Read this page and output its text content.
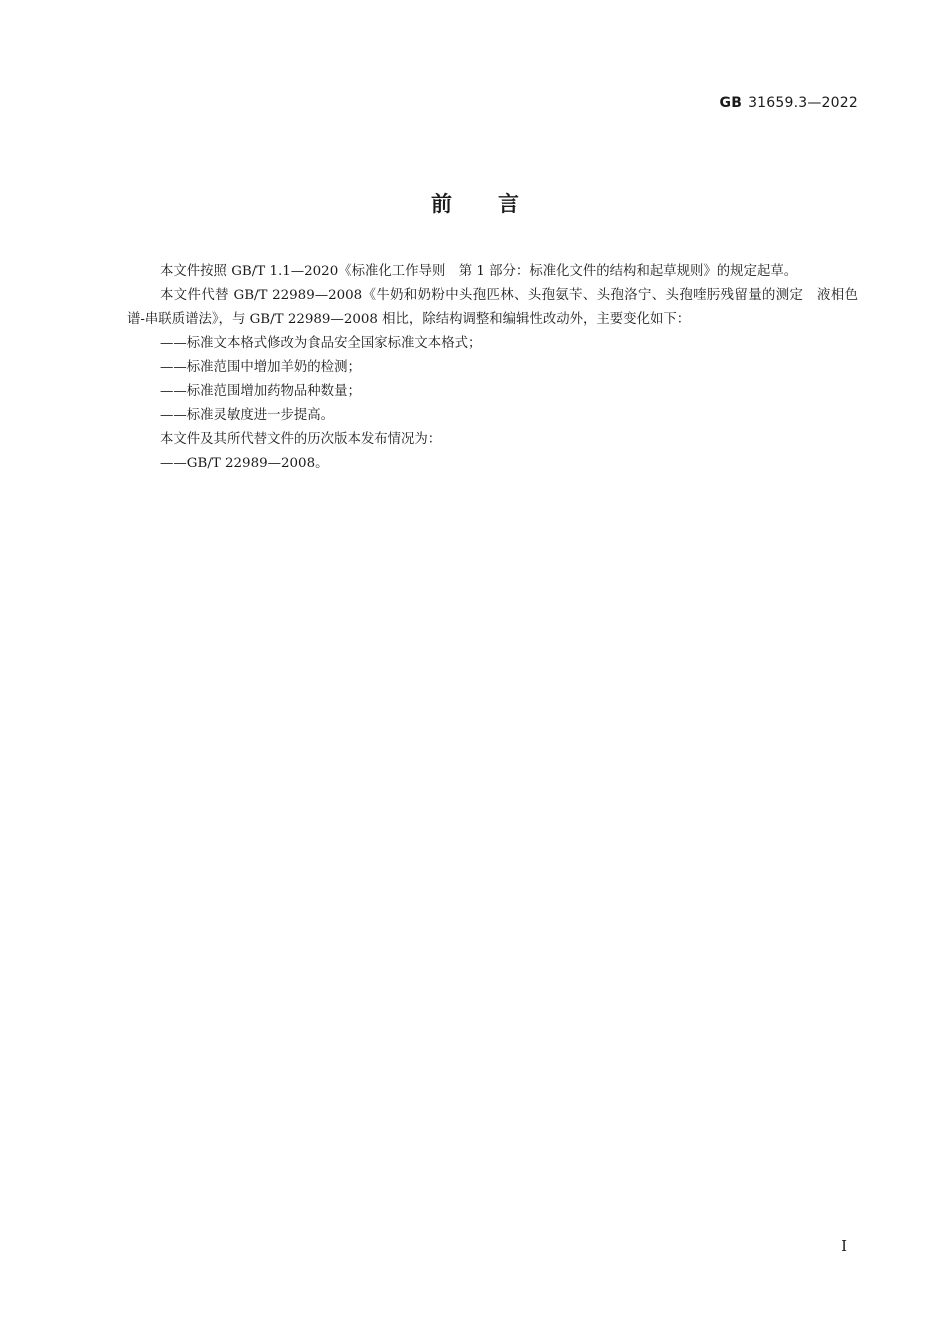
GB 31659.3—2022
前言

本文件按照 GB/T 1.1—2020《标准化工作导则　第 1 部分：标准化文件的结构和起草规则》的规定起草。

本文件代替 GB/T 22989—2008《牛奶和奶粉中头孢匹林、头孢氨苄、头孢洛宁、头孢喹肟残留量的测定　液相色谱-串联质谱法》，与 GB/T 22989—2008 相比，除结构调整和编辑性改动外，主要变化如下：

——标准文本格式修改为食品安全国家标准文本格式；

——标准范围中增加羊奶的检测；

——标准范围增加药物品种数量；

——标准灵敏度进一步提高。

本文件及其所代替文件的历次版本发布情况为：

——GB/T 22989—2008。

I
